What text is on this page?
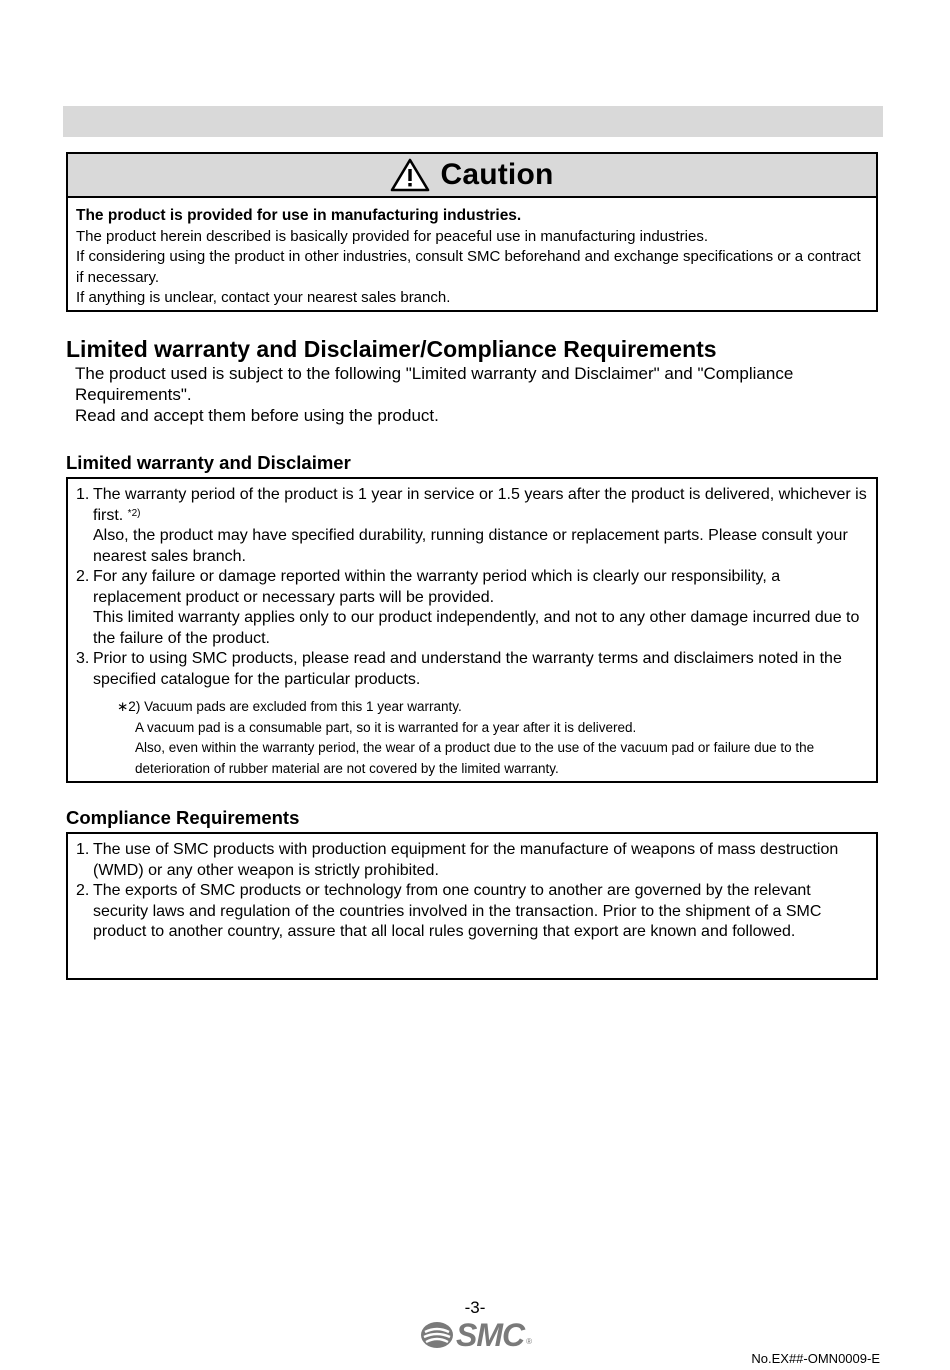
Caution
The product is provided for use in manufacturing industries.
The product herein described is basically provided for peaceful use in manufacturing industries.
If considering using the product in other industries, consult SMC beforehand and exchange specifications or a contract if necessary.
If anything is unclear, contact your nearest sales branch.
Limited warranty and Disclaimer/Compliance Requirements

The product used is subject to the following "Limited warranty and Disclaimer" and "Compliance Requirements".

Read and accept them before using the product.

Limited warranty and Disclaimer
1. The warranty period of the product is 1 year in service or 1.5 years after the product is delivered, whichever is first. $^{*2)}$
Also, the product may have specified durability, running distance or replacement parts. Please consult your nearest sales branch.
2. For any failure or damage reported within the warranty period which is clearly our responsibility, a replacement product or necessary parts will be provided.
This limited warranty applies only to our product independently, and not to any other damage incurred due to the failure of the product.
3. Prior to using SMC products, please read and understand the warranty terms and disclaimers noted in the specified catalogue for the particular products.
∗2) Vacuum pads are excluded from this 1 year warranty.
A vacuum pad is a consumable part, so it is warranted for a year after it is delivered.
Also, even within the warranty period, the wear of a product due to the use of the vacuum pad or failure due to the deterioration of rubber material are not covered by the limited warranty.
Compliance Requirements
1. The use of SMC products with production equipment for the manufacture of weapons of mass destruction (WMD) or any other weapon is strictly prohibited.
2. The exports of SMC products or technology from one country to another are governed by the relevant security laws and regulation of the countries involved in the transaction. Prior to the shipment of a SMC product to another country, assure that all local rules governing that export are known and followed.
-3-
SMC ®
No.EX##-OMN0009-E
